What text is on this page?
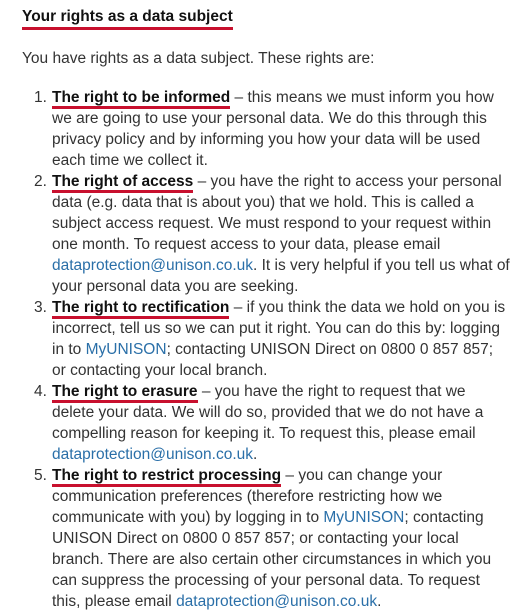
Your rights as a data subject

You have rights as a data subject. These rights are:

1. The right to be informed – this means we must inform you how we are going to use your personal data. We do this through this privacy policy and by informing you how your data will be used each time we collect it.
2. The right of access – you have the right to access your personal data (e.g. data that is about you) that we hold. This is called a subject access request. We must respond to your request within one month. To request access to your data, please email dataprotection@unison.co.uk. It is very helpful if you tell us what of your personal data you are seeking.
3. The right to rectification – if you think the data we hold on you is incorrect, tell us so we can put it right. You can do this by: logging in to MyUNISON; contacting UNISON Direct on 0800 0 857 857; or contacting your local branch.
4. The right to erasure – you have the right to request that we delete your data. We will do so, provided that we do not have a compelling reason for keeping it. To request this, please email dataprotection@unison.co.uk.
5. The right to restrict processing – you can change your communication preferences (therefore restricting how we communicate with you) by logging in to MyUNISON; contacting UNISON Direct on 0800 0 857 857; or contacting your local branch. There are also certain other circumstances in which you can suppress the processing of your personal data. To request this, please email dataprotection@unison.co.uk.
